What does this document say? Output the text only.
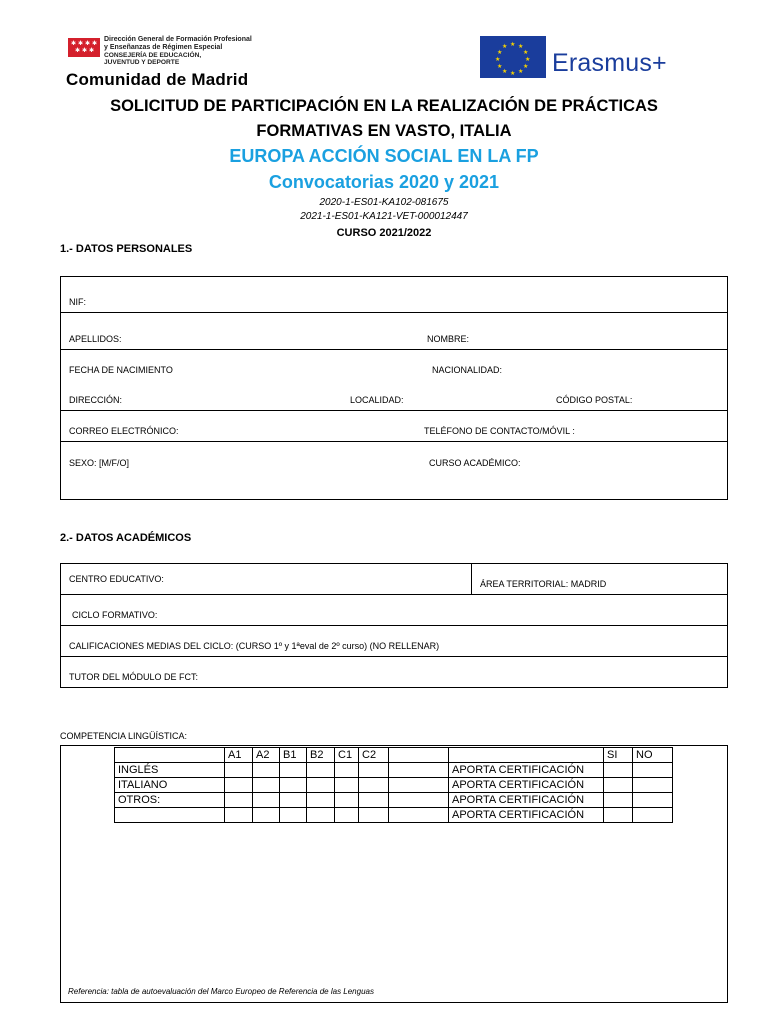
✱ ✱ ✱ ✱
✱ ✱ ✱
Dirección General de Formación Profesional
y Enseñanzas de Régimen Especial
CONSEJERÍA DE EDUCACIÓN,
JUVENTUD Y DEPORTE
Comunidad de Madrid
★ ★
★
★
★
★
★
★
★
★
★
★
Erasmus+
SOLICITUD DE PARTICIPACIÓN EN LA REALIZACIÓN DE PRÁCTICAS
FORMATIVAS EN VASTO, ITALIA
EUROPA ACCIÓN SOCIAL EN LA FP
Convocatorias 2020 y 2021
2020-1-ES01-KA102-081675
2021-1-ES01-KA121-VET-000012447
CURSO 2021/2022
1.- DATOS PERSONALES
NIF:
APELLIDOS:	NOMBRE:
FECHA DE NACIMIENTO	NACIONALIDAD:
DIRECCIÓN:	LOCALIDAD:	CÓDIGO POSTAL:
CORREO ELECTRÓNICO:	TELÉFONO DE CONTACTO/MÓVIL :
SEXO: [M/F/O]	CURSO ACADÉMICO:
2.- DATOS ACADÉMICOS
CENTRO EDUCATIVO:	ÁREA TERRITORIAL: MADRID
CICLO FORMATIVO:
CALIFICACIONES MEDIAS DEL CICLO: (CURSO 1º y 1ªeval de 2º curso) (NO RELLENAR)
TUTOR DEL MÓDULO DE FCT:
COMPETENCIA LINGÜÍSTICA:
Referencia: tabla de autoevaluación del Marco Europeo de Referencia de las Lenguas
	A1	A2	B1	B2	C1	C2			SI	NO
INGLÉS								APORTA CERTIFICACIÓN		
ITALIANO								APORTA CERTIFICACIÓN		
OTROS:								APORTA CERTIFICACIÓN		
								APORTA CERTIFICACIÓN		
